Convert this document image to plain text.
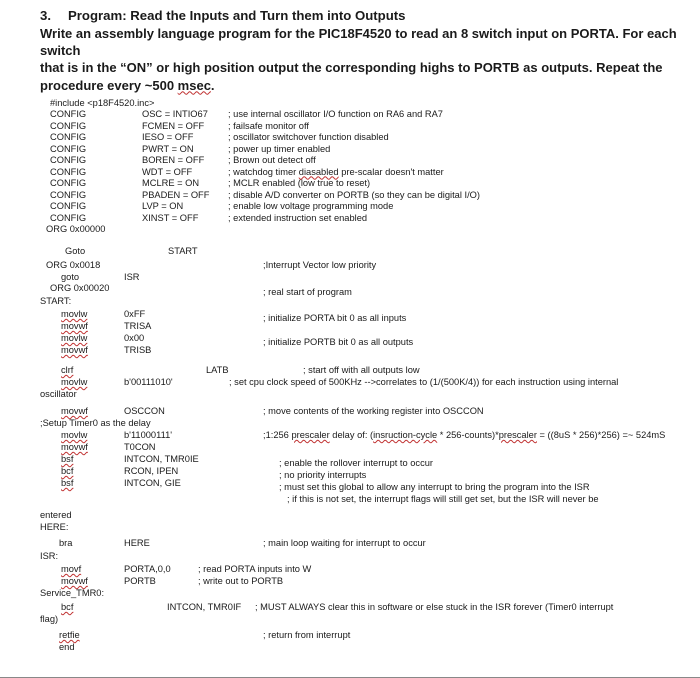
3. Program: Read the Inputs and Turn them into Outputs
Write an assembly language program for the PIC18F4520 to read an 8 switch input on PORTA. For each switch
that is in the “ON” or high position output the corresponding highs to PORTB as outputs. Repeat the
procedure every ~500 msec.
#include <p18F4520.inc>
CONFIG	OSC = INTIO67 ; use internal oscillator I/O function on RA6 and RA7
CONFIG	FCMEN = OFF	; failsafe monitor off
CONFIG	IESO = OFF	; oscillator switchover function disabled
CONFIG	PWRT = ON	; power up timer enabled
CONFIG	BOREN = OFF	; Brown out detect off
CONFIG	WDT = OFF	; watchdog timer diasabled pre-scalar doesn't matter
CONFIG	MCLRE = ON	; MCLR enabled (low true to reset)
CONFIG	PBADEN = OFF ; disable A/D converter on PORTB (so they can be digital I/O)
CONFIG	LVP = ON	; enable low voltage programming mode
CONFIG	XINST = OFF	; extended instruction set enabled
ORG 0x00000
Goto	START
ORG 0x0018	;Interrupt Vector low priority
goto	ISR
ORG 0x00020	; real start of program
START:
movlw	0xFF	; initialize PORTA bit 0 as all inputs
movwf	TRISA
movlw	0x00	; initialize PORTB bit 0 as all outputs
movwf	TRISB
clrf	LATB	; start off with all outputs low
movlw	b'00111010'	; set cpu clock speed of 500KHz -->correlates to (1/(500K/4)) for each instruction using internal
oscillator
movwf	OSCCON	; move contents of the working register into OSCCON
;Setup Timer0 as the delay
movlw	b'11000111'	;1:256 prescaler delay of: (insruction-cycle * 256-counts)*prescaler = ((8uS * 256)*256) =~ 524mS
movwf	T0CON
bsf	INTCON, TMR0IE	; enable the rollover interrupt to occur
bcf	RCON, IPEN	; no priority interrupts
bsf	INTCON, GIE	; must set this global to allow any interrupt to bring the program into the ISR
; if this is not set, the interrupt flags will still get set, but the ISR will never be
entered
HERE:
bra	HERE	; main loop waiting for interrupt to occur
ISR:
movf	PORTA,0,0	; read PORTA inputs into W
movwf	PORTB	; write out to PORTB
Service_TMR0:
bcf	INTCON, TMR0IF ; MUST ALWAYS clear this in software or else stuck in the ISR forever (Timer0 interrupt
flag)
retfie	; return from interrupt
end
